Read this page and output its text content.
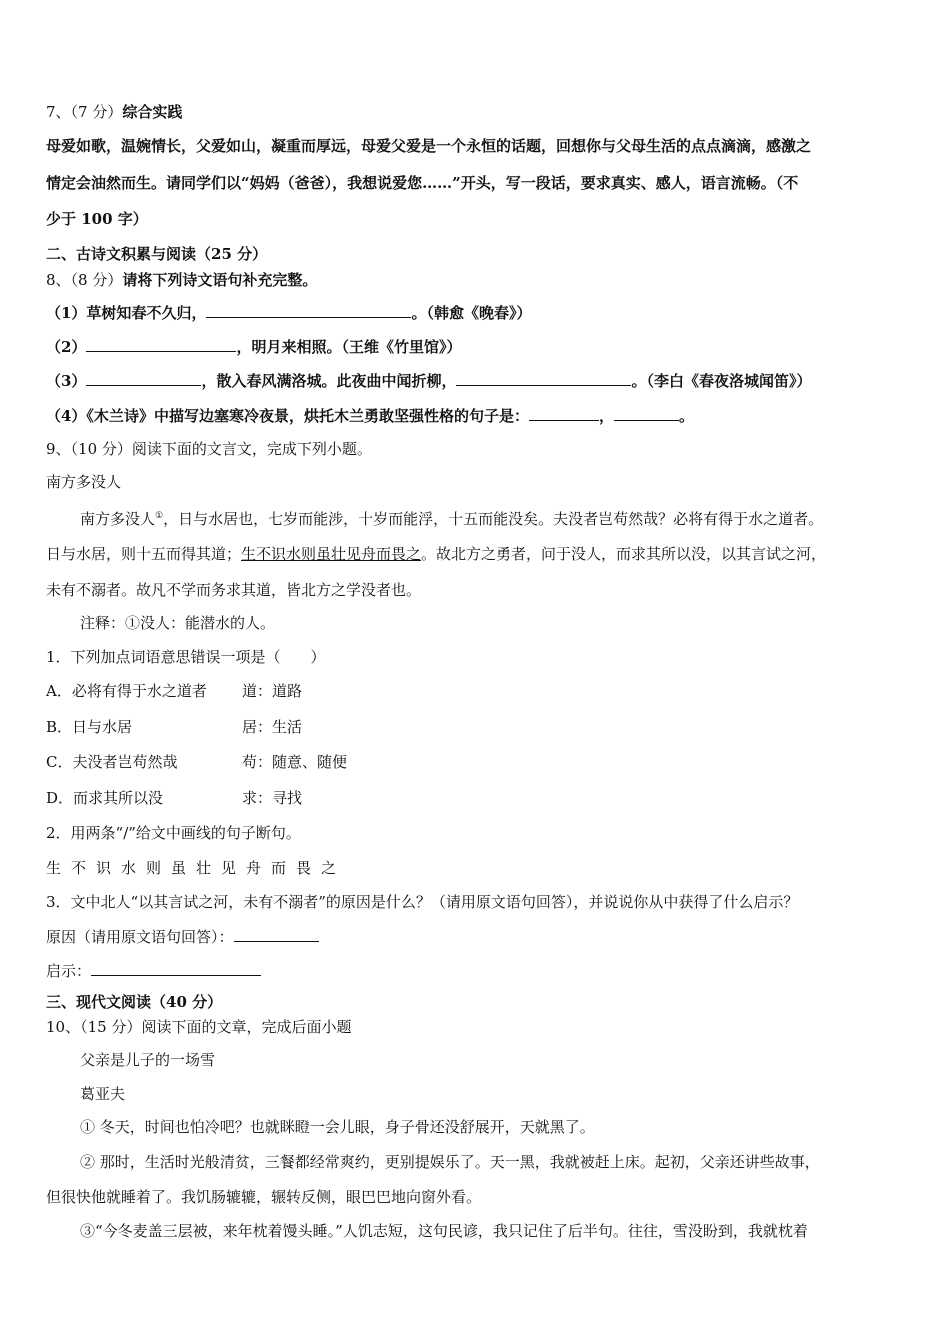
7、（7 分）综合实践
母爱如歌，温婉情长，父爱如山，凝重而厚远，母爱父爱是一个永恒的话题，回想你与父母生活的点点滴滴，感激之
情定会油然而生。请同学们以“妈妈（爸爸），我想说爱您……”开头，写一段话，要求真实、感人，语言流畅。（不
少于 100 字）
二、古诗文积累与阅读（25 分）
8、（8 分）请将下列诗文语句补充完整。
（1）草树知春不久归，	。（韩愈《晚春》）
（2）	，明月来相照。（王维《竹里馆》）
（3）	，散入春风满洛城。此夜曲中闻折柳，	。（李白《春夜洛城闻笛》）
（4）《木兰诗》中描写边塞寒冷夜景，烘托木兰勇敢坚强性格的句子是：	，	。
9、（10 分）阅读下面的文言文，完成下列小题。
南方多没人
南方多没人①，日与水居也，七岁而能涉，十岁而能浮，十五而能没矣。夫没者岂苟然哉？必将有得于水之道者。
日与水居，则十五而得其道；生不识水则虽壮见舟而畏之。故北方之勇者，问于没人，而求其所以没，以其言试之河，
未有不溺者。故凡不学而务求其道，皆北方之学没者也。
注释：①没人：能潜水的人。
1．下列加点词语意思错误一项是（　　）
A．必将有得于水之道者 道：道路
B．日与水居	居：生活
C．夫没者岂苟然哉	苟：随意、随便
D．而求其所以没	求：寻找
2．用两条“/”给文中画线的句子断句。
生不识水则虽壮见舟而畏之
3．文中北人“以其言试之河，未有不溺者”的原因是什么？（请用原文语句回答），并说说你从中获得了什么启示？
原因（请用原文语句回答）：
启示：
三、现代文阅读（40 分）
10、（15 分）阅读下面的文章，完成后面小题
父亲是儿子的一场雪
葛亚夫
① 冬天，时间也怕冷吧？也就眯瞪一会儿眼，身子骨还没舒展开，天就黑了。
② 那时，生活时光般清贫，三餐都经常爽约，更别提娱乐了。天一黑，我就被赶上床。起初，父亲还讲些故事，
但很快他就睡着了。我饥肠辘辘，辗转反侧，眼巴巴地向窗外看。
③“今冬麦盖三层被，来年枕着馒头睡。”人饥志短，这句民谚，我只记住了后半句。往往，雪没盼到，我就枕着
